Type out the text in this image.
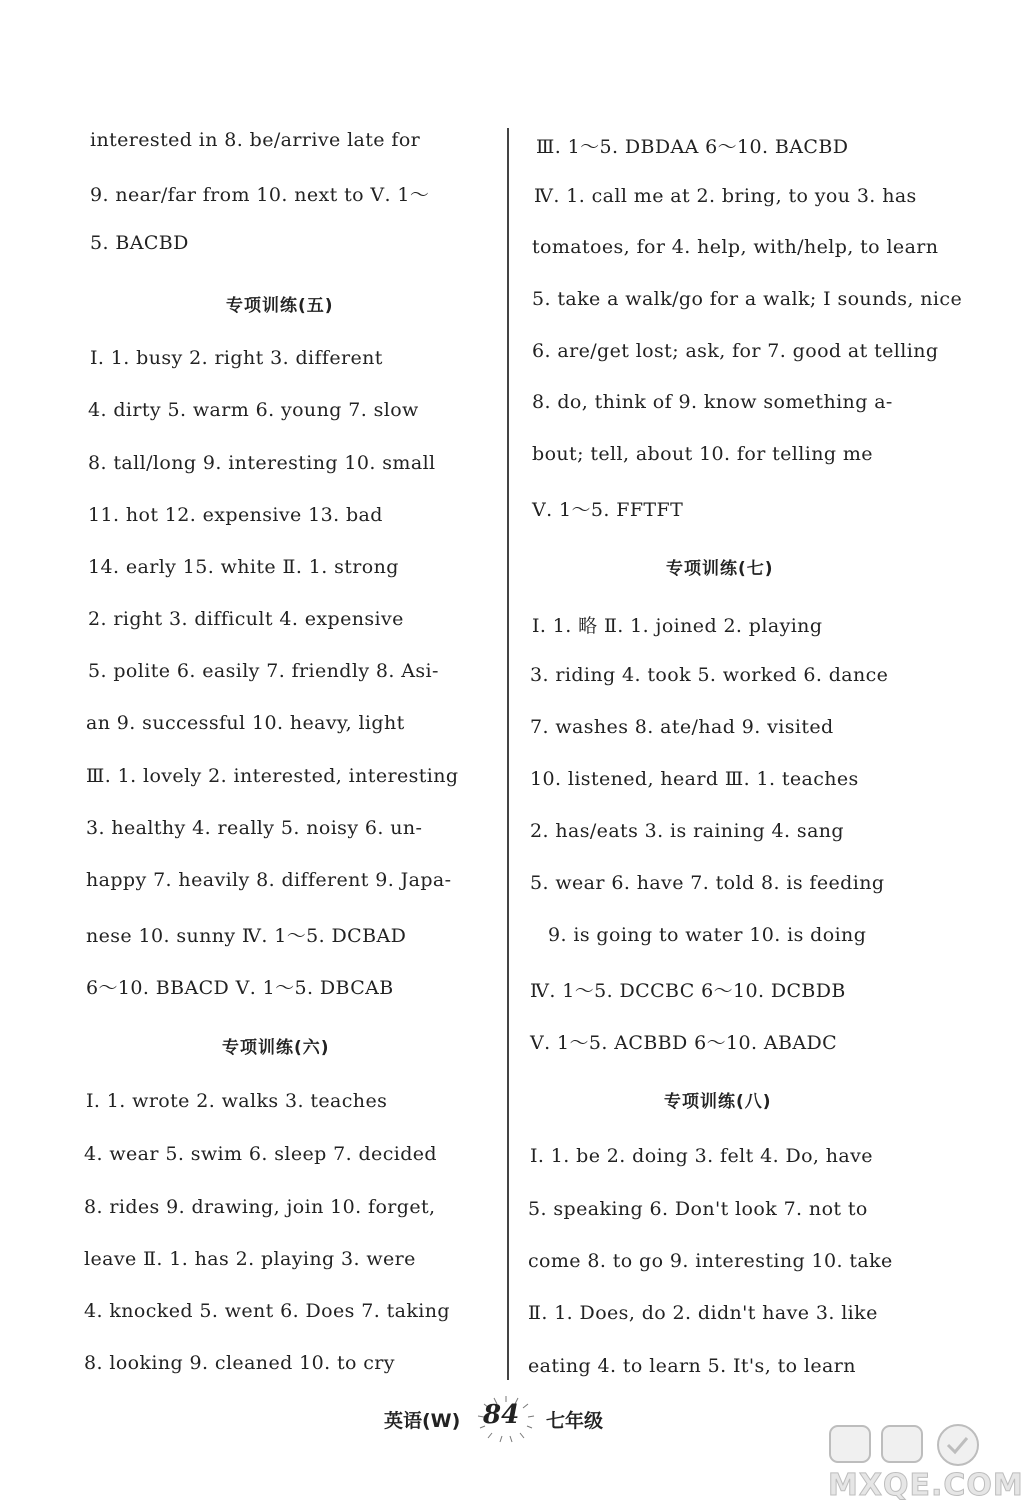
interested in 8. be/arrive late for
9. near/far from 10. next to Ⅴ. 1～
5. BACBD
专项训练(五)
Ⅰ. 1. busy 2. right 3. different
4. dirty 5. warm 6. young 7. slow
8. tall/long 9. interesting 10. small
11. hot 12. expensive 13. bad
14. early 15. white Ⅱ. 1. strong
2. right 3. difficult 4. expensive
5. polite 6. easily 7. friendly 8. Asi-
an 9. successful 10. heavy, light
Ⅲ. 1. lovely 2. interested, interesting
3. healthy 4. really 5. noisy 6. un-
happy 7. heavily 8. different 9. Japa-
nese 10. sunny Ⅳ. 1～5. DCBAD
6～10. BBACD Ⅴ. 1～5. DBCAB
专项训练(六)
Ⅰ. 1. wrote 2. walks 3. teaches
4. wear 5. swim 6. sleep 7. decided
8. rides 9. drawing, join 10. forget,
leave Ⅱ. 1. has 2. playing 3. were
4. knocked 5. went 6. Does 7. taking
8. looking 9. cleaned 10. to cry
Ⅲ. 1～5. DBDAA 6～10. BACBD
Ⅳ. 1. call me at 2. bring, to you 3. has
tomatoes, for 4. help, with/help, to learn
5. take a walk/go for a walk; I sounds, nice
6. are/get lost; ask, for 7. good at telling
8. do, think of 9. know something a-
bout; tell, about 10. for telling me
Ⅴ. 1～5. FFTFT
专项训练(七)
Ⅰ. 1. 略 Ⅱ. 1. joined 2. playing
3. riding 4. took 5. worked 6. dance
7. washes 8. ate/had 9. visited
10. listened, heard Ⅲ. 1. teaches
2. has/eats 3. is raining 4. sang
5. wear 6. have 7. told 8. is feeding
9. is going to water 10. is doing
Ⅳ. 1～5. DCCBC 6～10. DCBDB
Ⅴ. 1～5. ACBBD 6～10. ABADC
专项训练(八)
Ⅰ. 1. be 2. doing 3. felt 4. Do, have
5. speaking 6. Don't look 7. not to
come 8. to go 9. interesting 10. take
Ⅱ. 1. Does, do 2. didn't have 3. like
eating 4. to learn 5. It's, to learn
英语(W) 84 七年级
MXQE.COM
